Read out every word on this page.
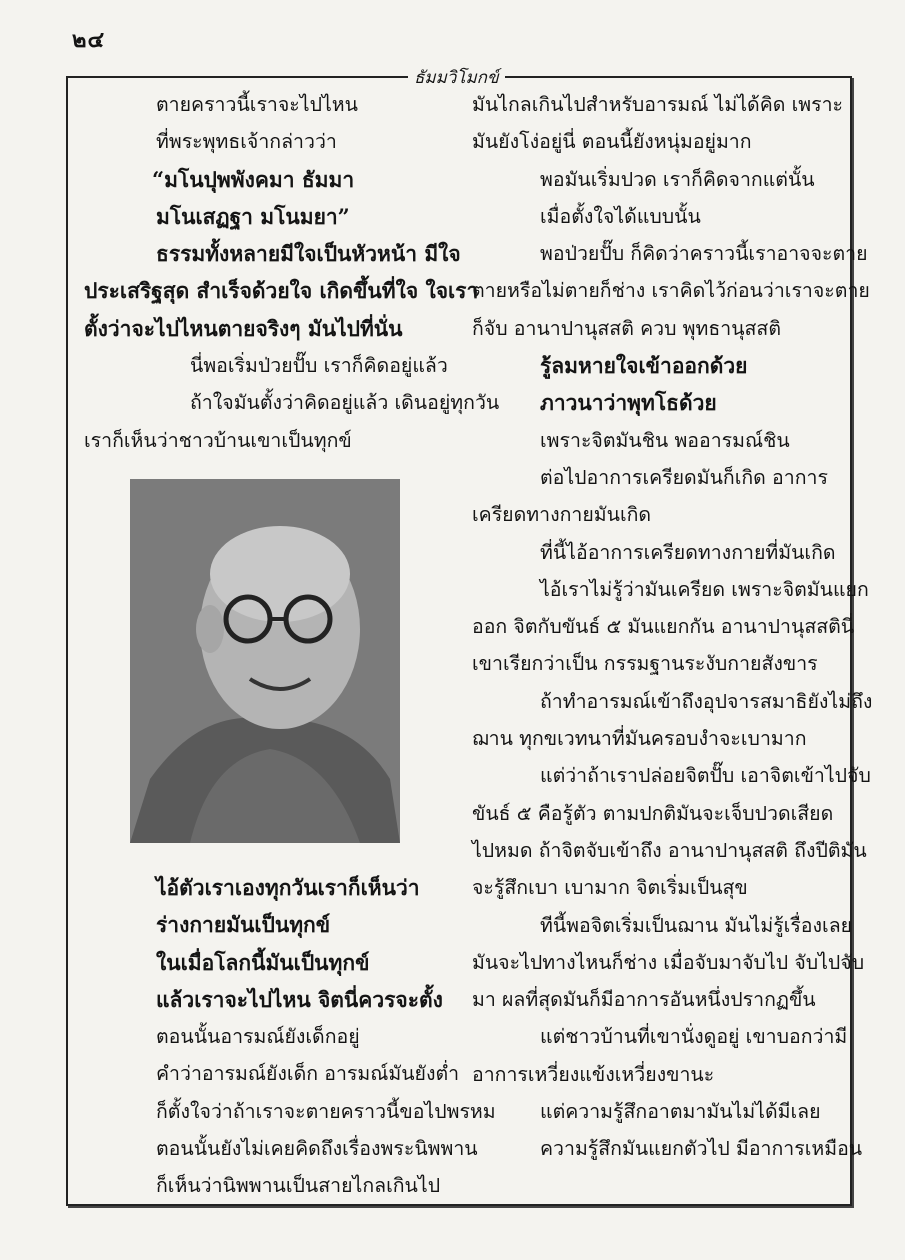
๒๔
ธัมมวิโมกข์
ตายคราวนี้เราจะไปไหน
ที่พระพุทธเจ้ากล่าวว่า
“มโนปุพพังคมา ธัมมา
มโนเสฏฐา มโนมยา”
ธรรมทั้งหลายมีใจเป็นหัวหน้า มีใจ
ประเสริฐสุด สำเร็จด้วยใจ เกิดขึ้นที่ใจ ใจเรา
ตั้งว่าจะไปไหนตายจริงๆ มันไปที่นั่น
นี่พอเริ่มป่วยปั๊บ เราก็คิดอยู่แล้ว
ถ้าใจมันตั้งว่าคิดอยู่แล้ว เดินอยู่ทุกวัน
เราก็เห็นว่าชาวบ้านเขาเป็นทุกข์
ไอ้ตัวเราเองทุกวันเราก็เห็นว่า
ร่างกายมันเป็นทุกข์
ในเมื่อโลกนี้มันเป็นทุกข์
แล้วเราจะไปไหน จิตนี่ควรจะตั้ง
ตอนนั้นอารมณ์ยังเด็กอยู่
คำว่าอารมณ์ยังเด็ก อารมณ์มันยังต่ำ
ก็ตั้งใจว่าถ้าเราจะตายคราวนี้ขอไปพรหม
ตอนนั้นยังไม่เคยคิดถึงเรื่องพระนิพพาน
ก็เห็นว่านิพพานเป็นสายไกลเกินไป
มันไกลเกินไปสำหรับอารมณ์ ไม่ได้คิด เพราะ
มันยังโง่อยู่นี่ ตอนนี้ยังหนุ่มอยู่มาก
พอมันเริ่มปวด เราก็คิดจากแต่นั้น
เมื่อตั้งใจได้แบบนั้น
พอป่วยปั๊บ ก็คิดว่าคราวนี้เราอาจจะตาย
ตายหรือไม่ตายก็ช่าง เราคิดไว้ก่อนว่าเราจะตาย
ก็จับ อานาปานุสสติ ควบ พุทธานุสสติ
รู้ลมหายใจเข้าออกด้วย
ภาวนาว่าพุทโธด้วย
เพราะจิตมันชิน พออารมณ์ชิน
ต่อไปอาการเครียดมันก็เกิด อาการ
เครียดทางกายมันเกิด
ที่นี้ไอ้อาการเครียดทางกายที่มันเกิด
ไอ้เราไม่รู้ว่ามันเครียด เพราะจิตมันแยก
ออก จิตกับขันธ์ ๕ มันแยกกัน อานาปานุสสตินี่
เขาเรียกว่าเป็น กรรมฐานระงับกายสังขาร
ถ้าทำอารมณ์เข้าถึงอุปจารสมาธิยังไม่ถึง
ฌาน ทุกขเวทนาที่มันครอบงำจะเบามาก
แต่ว่าถ้าเราปล่อยจิตปั๊บ เอาจิตเข้าไปจับ
ขันธ์ ๕ คือรู้ตัว ตามปกติมันจะเจ็บปวดเสียด
ไปหมด ถ้าจิตจับเข้าถึง อานาปานุสสติ ถึงปีติมัน
จะรู้สึกเบา เบามาก จิตเริ่มเป็นสุข
ทีนี้พอจิตเริ่มเป็นฌาน มันไม่รู้เรื่องเลย
มันจะไปทางไหนก็ช่าง เมื่อจับมาจับไป จับไปจับ
มา ผลที่สุดมันก็มีอาการอันหนึ่งปรากฏขึ้น
แต่ชาวบ้านที่เขานั่งดูอยู่ เขาบอกว่ามี
อาการเหวี่ยงแข้งเหวี่ยงขานะ
แต่ความรู้สึกอาตมามันไม่ได้มีเลย
ความรู้สึกมันแยกตัวไป มีอาการเหมือน
